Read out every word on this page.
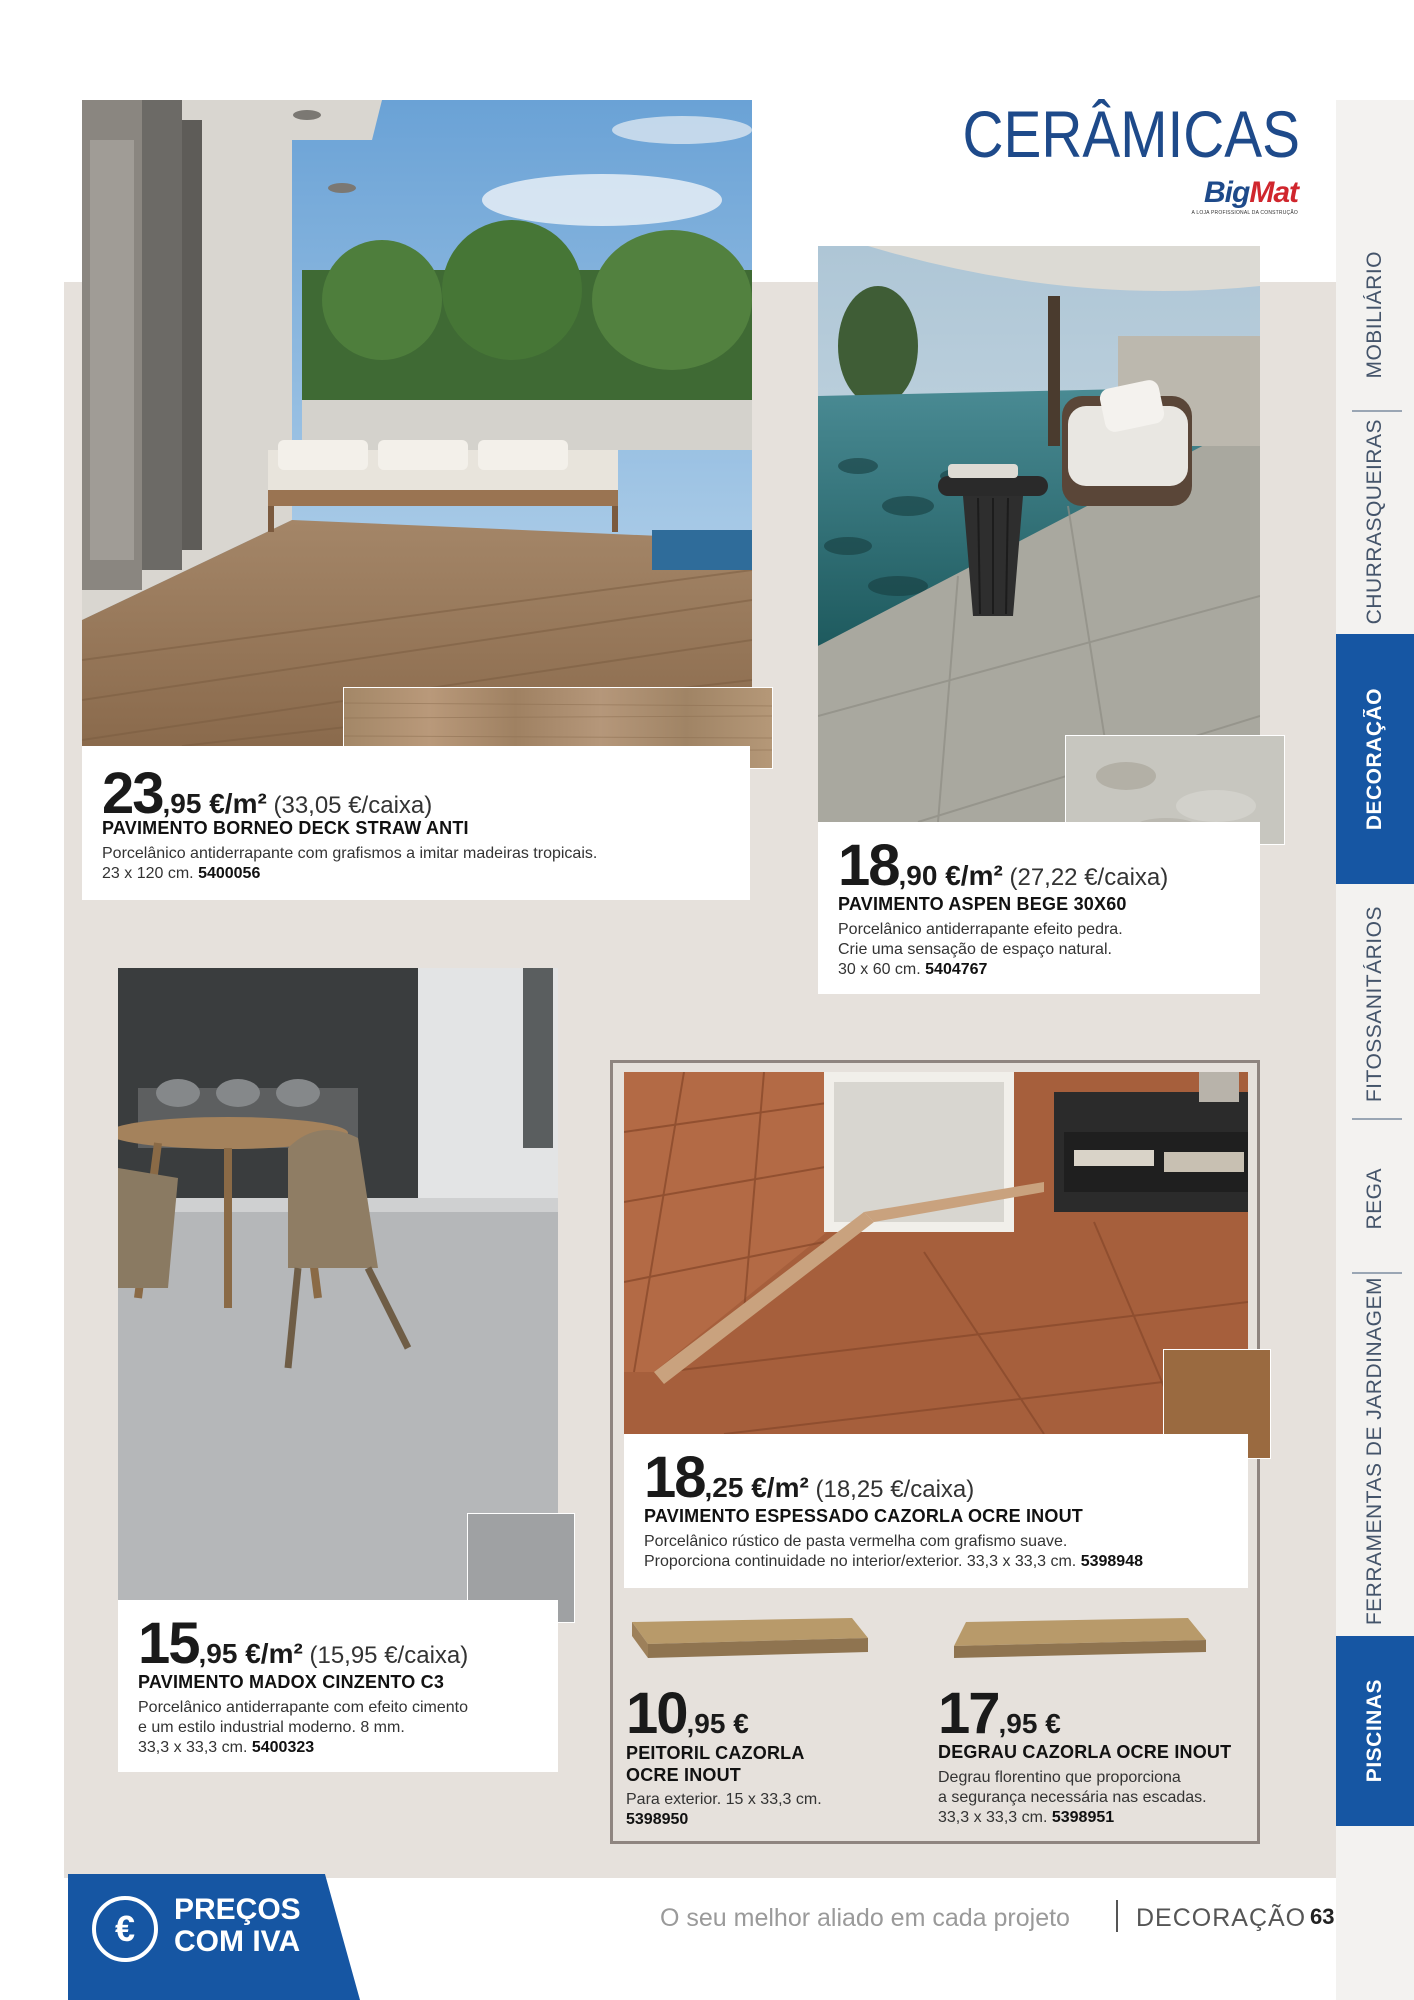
CERÂMICAS
BigMat
A LOJA PROFISSIONAL DA CONSTRUÇÃO
MOBILIÁRIO
CHURRASQUEIRAS
DECORAÇÃO
FITOSSANITÁRIOS
REGA
FERRAMENTAS DE JARDINAGEM
PISCINAS
23,95 €/m² (33,05 €/caixa)
PAVIMENTO BORNEO DECK STRAW ANTI
Porcelânico antiderrapante com grafismos a imitar madeiras tropicais.
23 x 120 cm. 5400056	18,90 €/m² (27,22 €/caixa)
PAVIMENTO ASPEN BEGE 30X60
Porcelânico antiderrapante efeito pedra.
Crie uma sensação de espaço natural.
30 x 60 cm. 5404767
15,95 €/m² (15,95 €/caixa)
PAVIMENTO MADOX CINZENTO C3
Porcelânico antiderrapante com efeito cimento
e um estilo industrial moderno. 8 mm.
33,3 x 33,3 cm. 5400323
18,25 €/m² (18,25 €/caixa)
PAVIMENTO ESPESSADO CAZORLA OCRE INOUT
Porcelânico rústico de pasta vermelha com grafismo suave.
Proporciona continuidade no interior/exterior. 33,3 x 33,3 cm. 5398948
10,95 €
PEITORIL CAZORLA
OCRE INOUT
Para exterior. 15 x 33,3 cm.
5398950
17,95 €
DEGRAU CAZORLA OCRE INOUT
Degrau florentino que proporciona
a segurança necessária nas escadas.
33,3 x 33,3 cm. 5398951
€	PREÇOS
COM IVA
O seu melhor aliado em cada projeto	DECORAÇÃO 63
